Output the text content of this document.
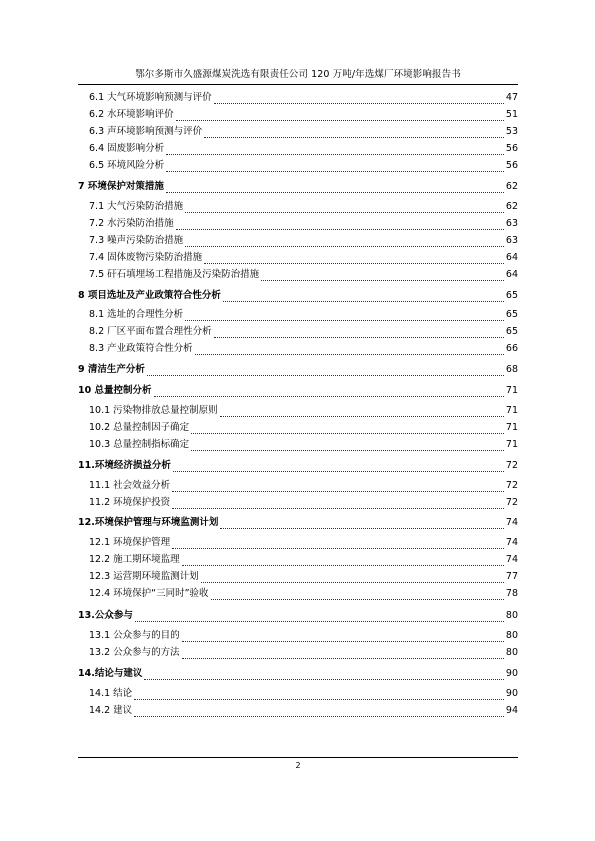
鄂尔多斯市久盛源煤炭洗选有限责任公司 120 万吨/年选煤厂环境影响报告书
6.1 大气环境影响预测与评价	47
6.2 水环境影响评价	51
6.3 声环境影响预测与评价	53
6.4 固废影响分析	56
6.5 环境风险分析	56
7 环境保护对策措施	62
7.1 大气污染防治措施	62
7.2 水污染防治措施	63
7.3 噪声污染防治措施	63
7.4 固体废物污染防治措施	64
7.5 矸石填埋场工程措施及污染防治措施	64
8 项目选址及产业政策符合性分析	65
8.1 选址的合理性分析	65
8.2 厂区平面布置合理性分析	65
8.3 产业政策符合性分析	66
9 清洁生产分析	68
10 总量控制分析	71
10.1 污染物排放总量控制原则	71
10.2 总量控制因子确定	71
10.3 总量控制指标确定	71
11.环境经济损益分析	72
11.1 社会效益分析	72
11.2 环境保护投资	72
12.环境保护管理与环境监测计划	74
12.1 环境保护管理	74
12.2 施工期环境监理	74
12.3 运营期环境监测计划	77
12.4 环境保护“三同时”验收	78
13.公众参与	80
13.1 公众参与的目的	80
13.2 公众参与的方法	80
14.结论与建议	90
14.1 结论	90
14.2 建议	94
2
